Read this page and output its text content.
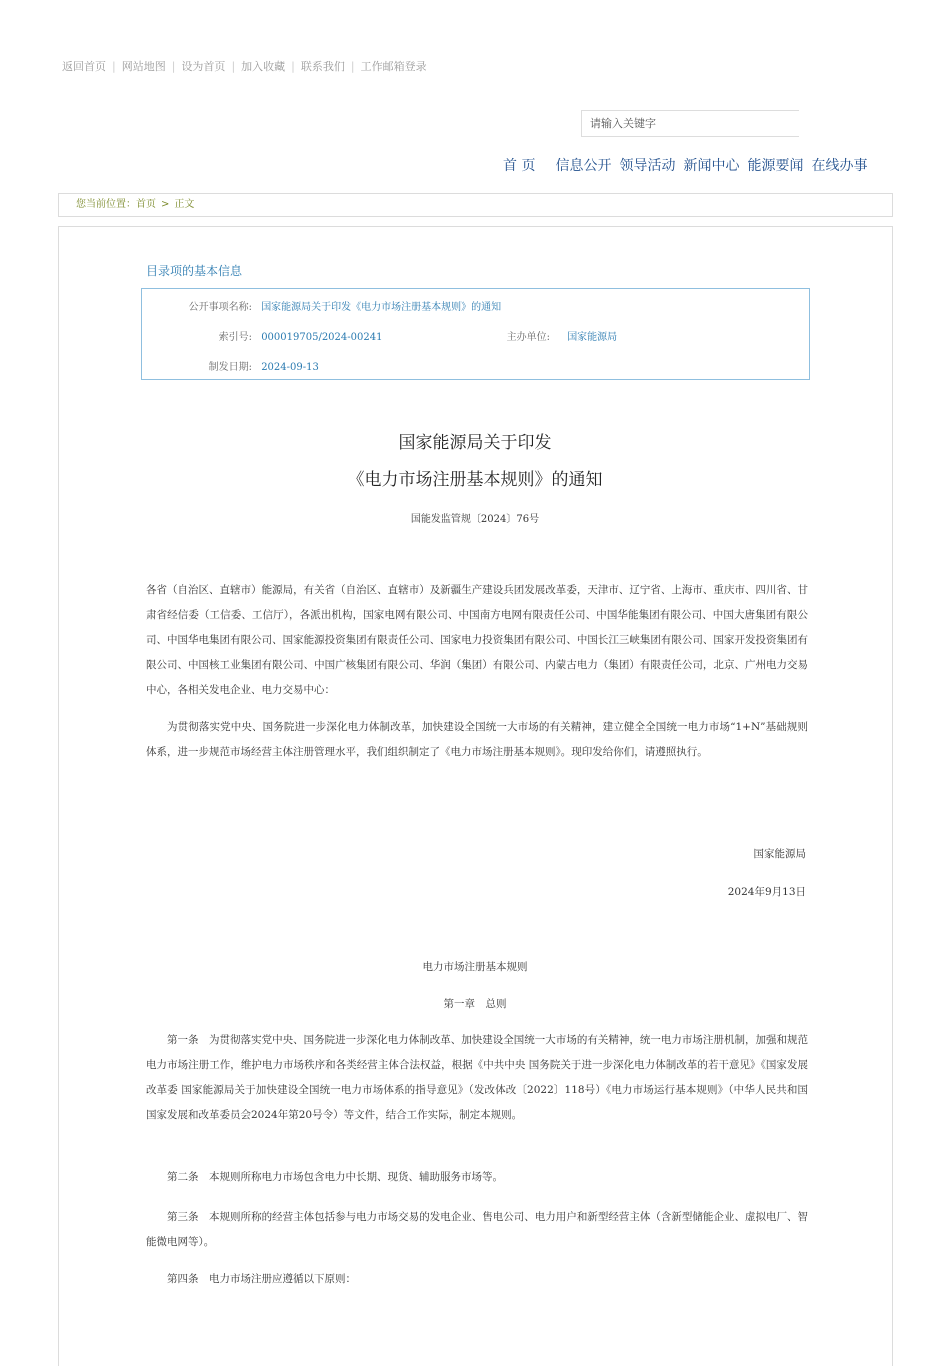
返回首页 | 网站地图 | 设为首页 | 加入收藏 | 联系我们 | 工作邮箱登录
请输入关键字
首 页 信息公开 领导活动 新闻中心 能源要闻 在线办事
您当前位置：首页 > 正文
目录项的基本信息
公开事项名称: 国家能源局关于印发《电力市场注册基本规则》的通知
索引号: 000019705/2024-00241	主办单位: 国家能源局
制发日期: 2024-09-13
国家能源局关于印发
《电力市场注册基本规则》的通知
国能发监管规〔2024〕76号

各省（自治区、直辖市）能源局，有关省（自治区、直辖市）及新疆生产建设兵团发展改革委，天津市、辽宁省、上海市、重庆市、四川省、甘肃省经信委（工信委、工信厅），各派出机构，国家电网有限公司、中国南方电网有限责任公司、中国华能集团有限公司、中国大唐集团有限公司、中国华电集团有限公司、国家能源投资集团有限责任公司、国家电力投资集团有限公司、中国长江三峡集团有限公司、国家开发投资集团有限公司、中国核工业集团有限公司、中国广核集团有限公司、华润（集团）有限公司、内蒙古电力（集团）有限责任公司，北京、广州电力交易中心，各相关发电企业、电力交易中心：

为贯彻落实党中央、国务院进一步深化电力体制改革，加快建设全国统一大市场的有关精神，建立健全全国统一电力市场“1+N”基础规则体系，进一步规范市场经营主体注册管理水平，我们组织制定了《电力市场注册基本规则》。现印发给你们，请遵照执行。

国家能源局
2024年9月13日
电力市场注册基本规则
第一章　总则

第一条　为贯彻落实党中央、国务院进一步深化电力体制改革、加快建设全国统一大市场的有关精神，统一电力市场注册机制，加强和规范电力市场注册工作，维护电力市场秩序和各类经营主体合法权益，根据《中共中央 国务院关于进一步深化电力体制改革的若干意见》《国家发展改革委 国家能源局关于加快建设全国统一电力市场体系的指导意见》（发改体改〔2022〕118号）《电力市场运行基本规则》（中华人民共和国国家发展和改革委员会2024年第20号令）等文件，结合工作实际，制定本规则。

第二条　本规则所称电力市场包含电力中长期、现货、辅助服务市场等。

第三条　本规则所称的经营主体包括参与电力市场交易的发电企业、售电公司、电力用户和新型经营主体（含新型储能企业、虚拟电厂、智能微电网等）。

第四条　电力市场注册应遵循以下原则：
